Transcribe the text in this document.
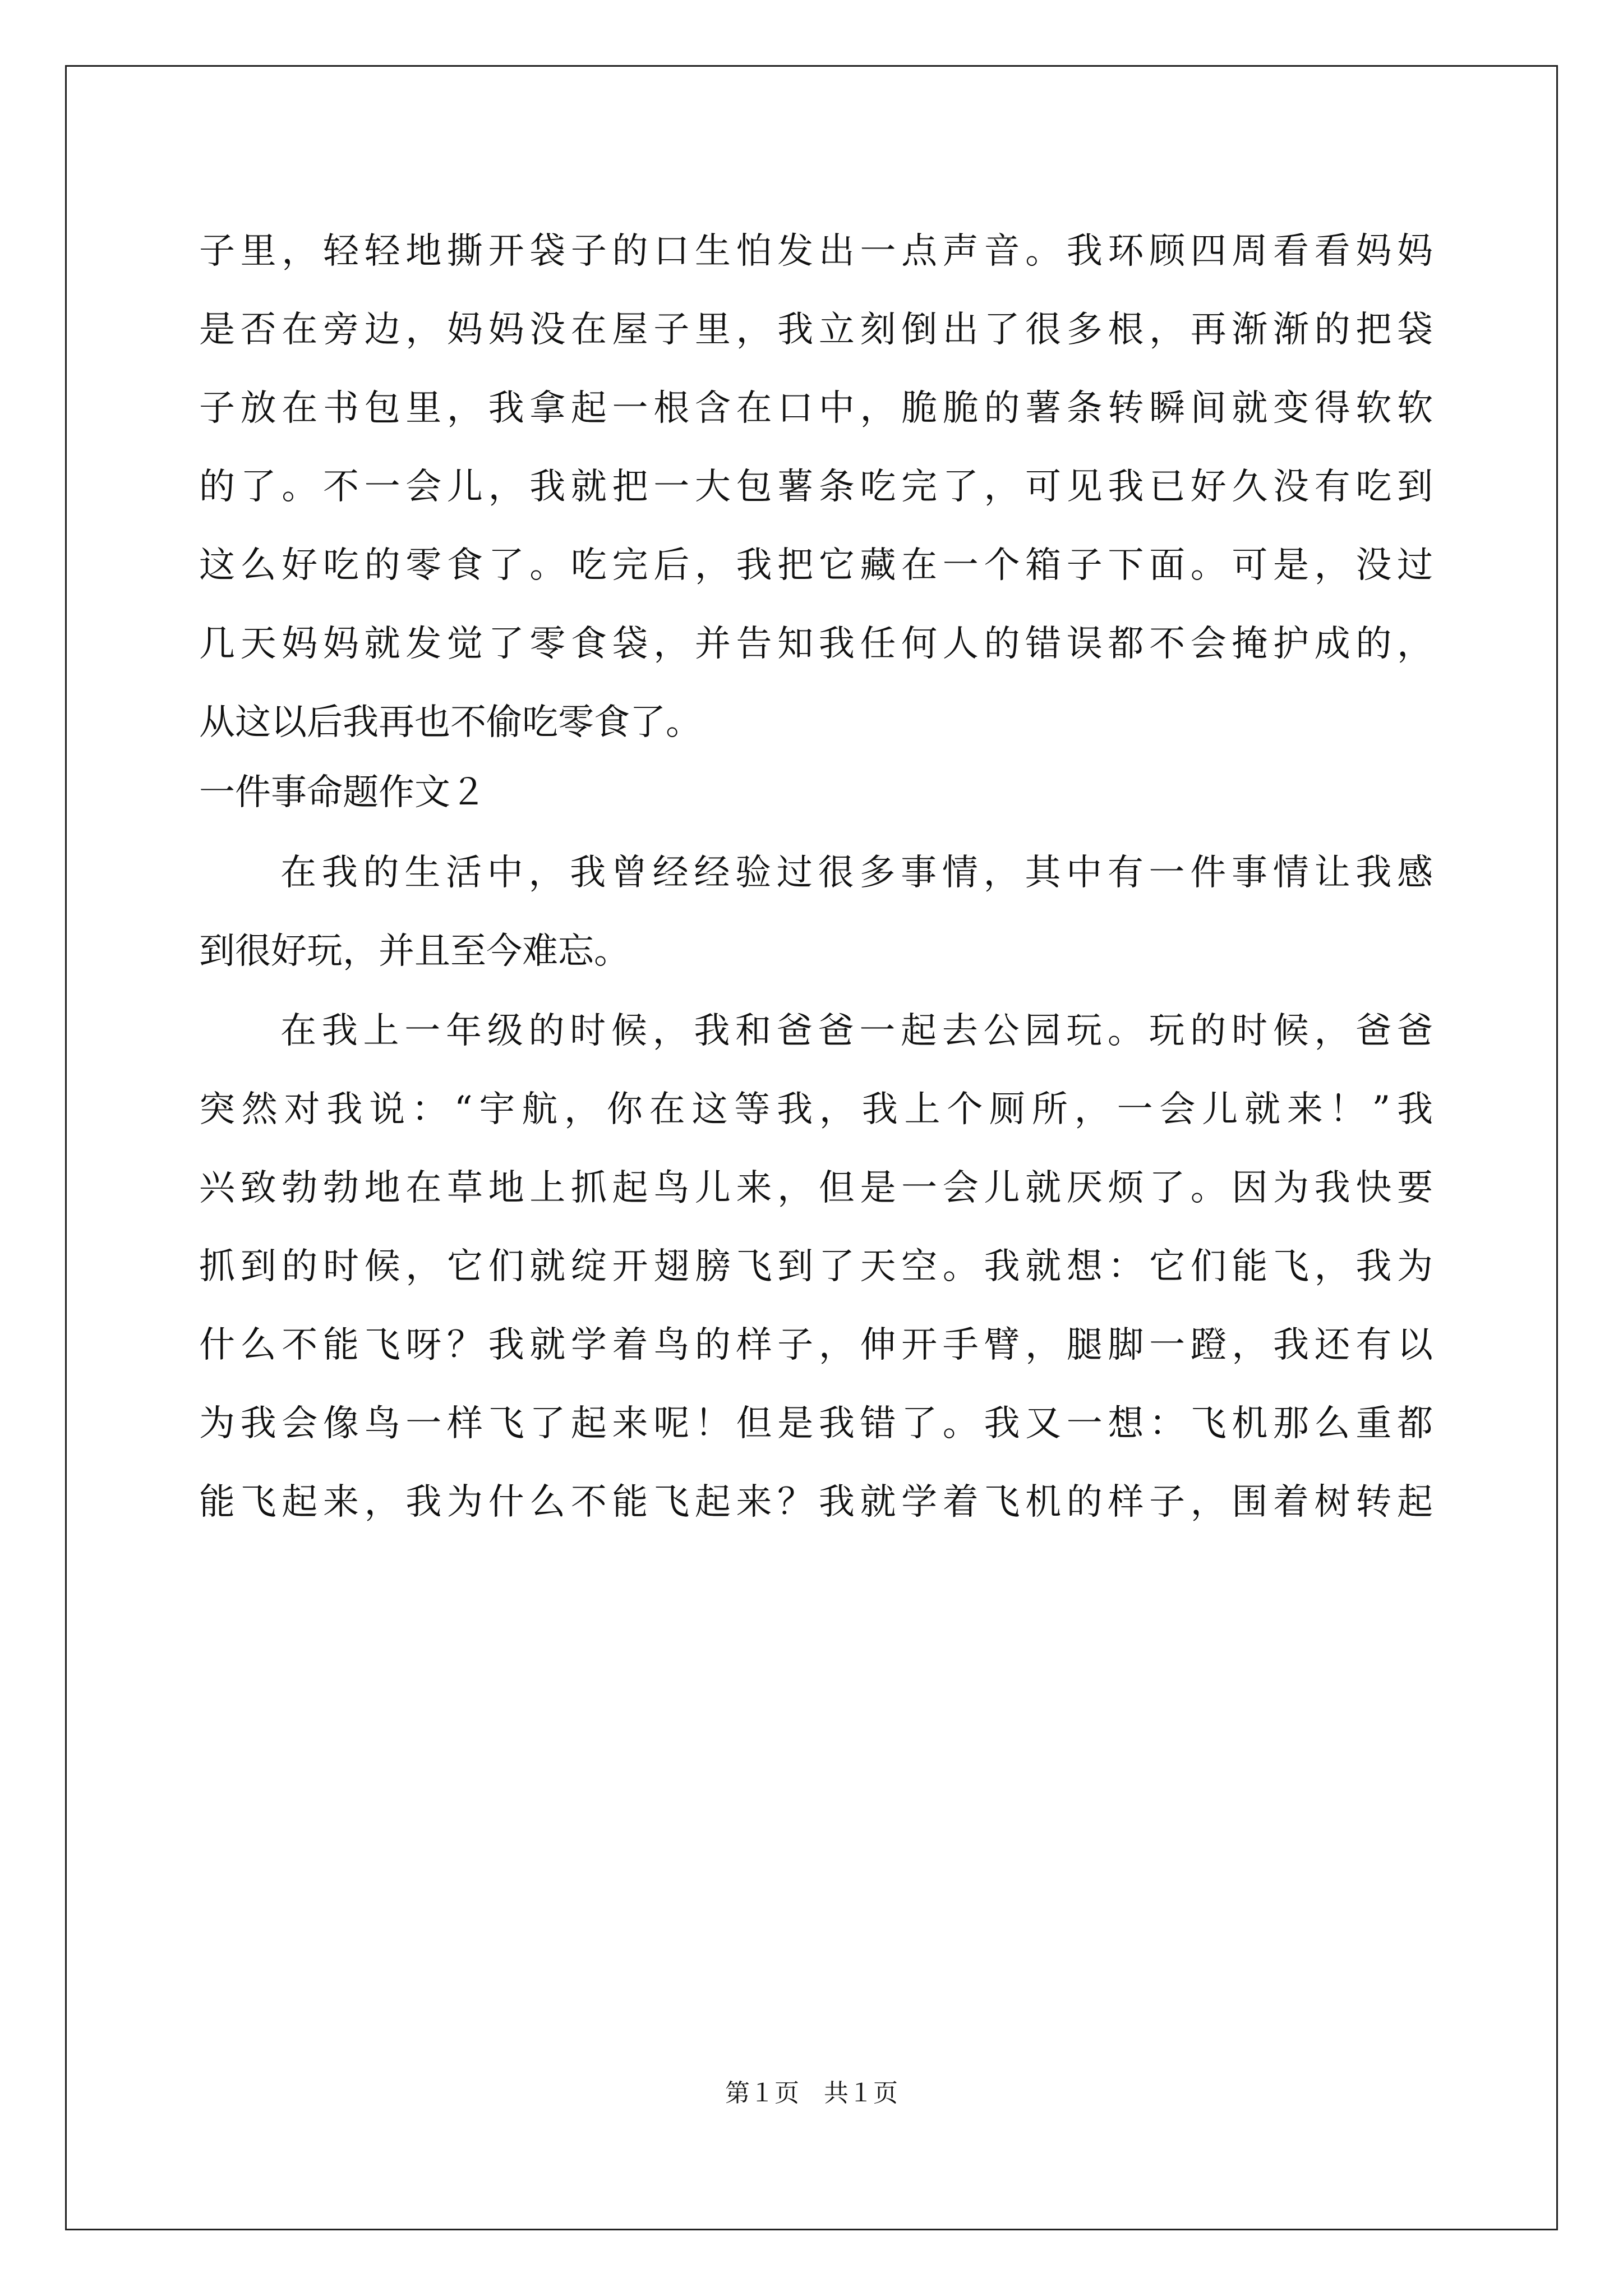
子里，轻轻地撕开袋子的口生怕发出一点声音。我环顾四周看看妈妈
是否在旁边，妈妈没在屋子里，我立刻倒出了很多根，再渐渐的把袋
子放在书包里，我拿起一根含在口中，脆脆的薯条转瞬间就变得软软
的了。不一会儿，我就把一大包薯条吃完了，可见我已好久没有吃到
这么好吃的零食了。吃完后，我把它藏在一个箱子下面。可是，没过
几天妈妈就发觉了零食袋，并告知我任何人的错误都不会掩护成的，
从这以后我再也不偷吃零食了。
一件事命题作文２
在我的生活中，我曾经经验过很多事情，其中有一件事情让我感
到很好玩，并且至今难忘。
在我上一年级的时候，我和爸爸一起去公园玩。玩的时候，爸爸
突然对我说：“宇航，你在这等我，我上个厕所，一会儿就来！”我
兴致勃勃地在草地上抓起鸟儿来，但是一会儿就厌烦了。因为我快要
抓到的时候，它们就绽开翅膀飞到了天空。我就想：它们能飞，我为
什么不能飞呀？我就学着鸟的样子，伸开手臂，腿脚一蹬，我还有以
为我会像鸟一样飞了起来呢！但是我错了。我又一想：飞机那么重都
能飞起来，我为什么不能飞起来？我就学着飞机的样子，围着树转起
第１页　共１页
